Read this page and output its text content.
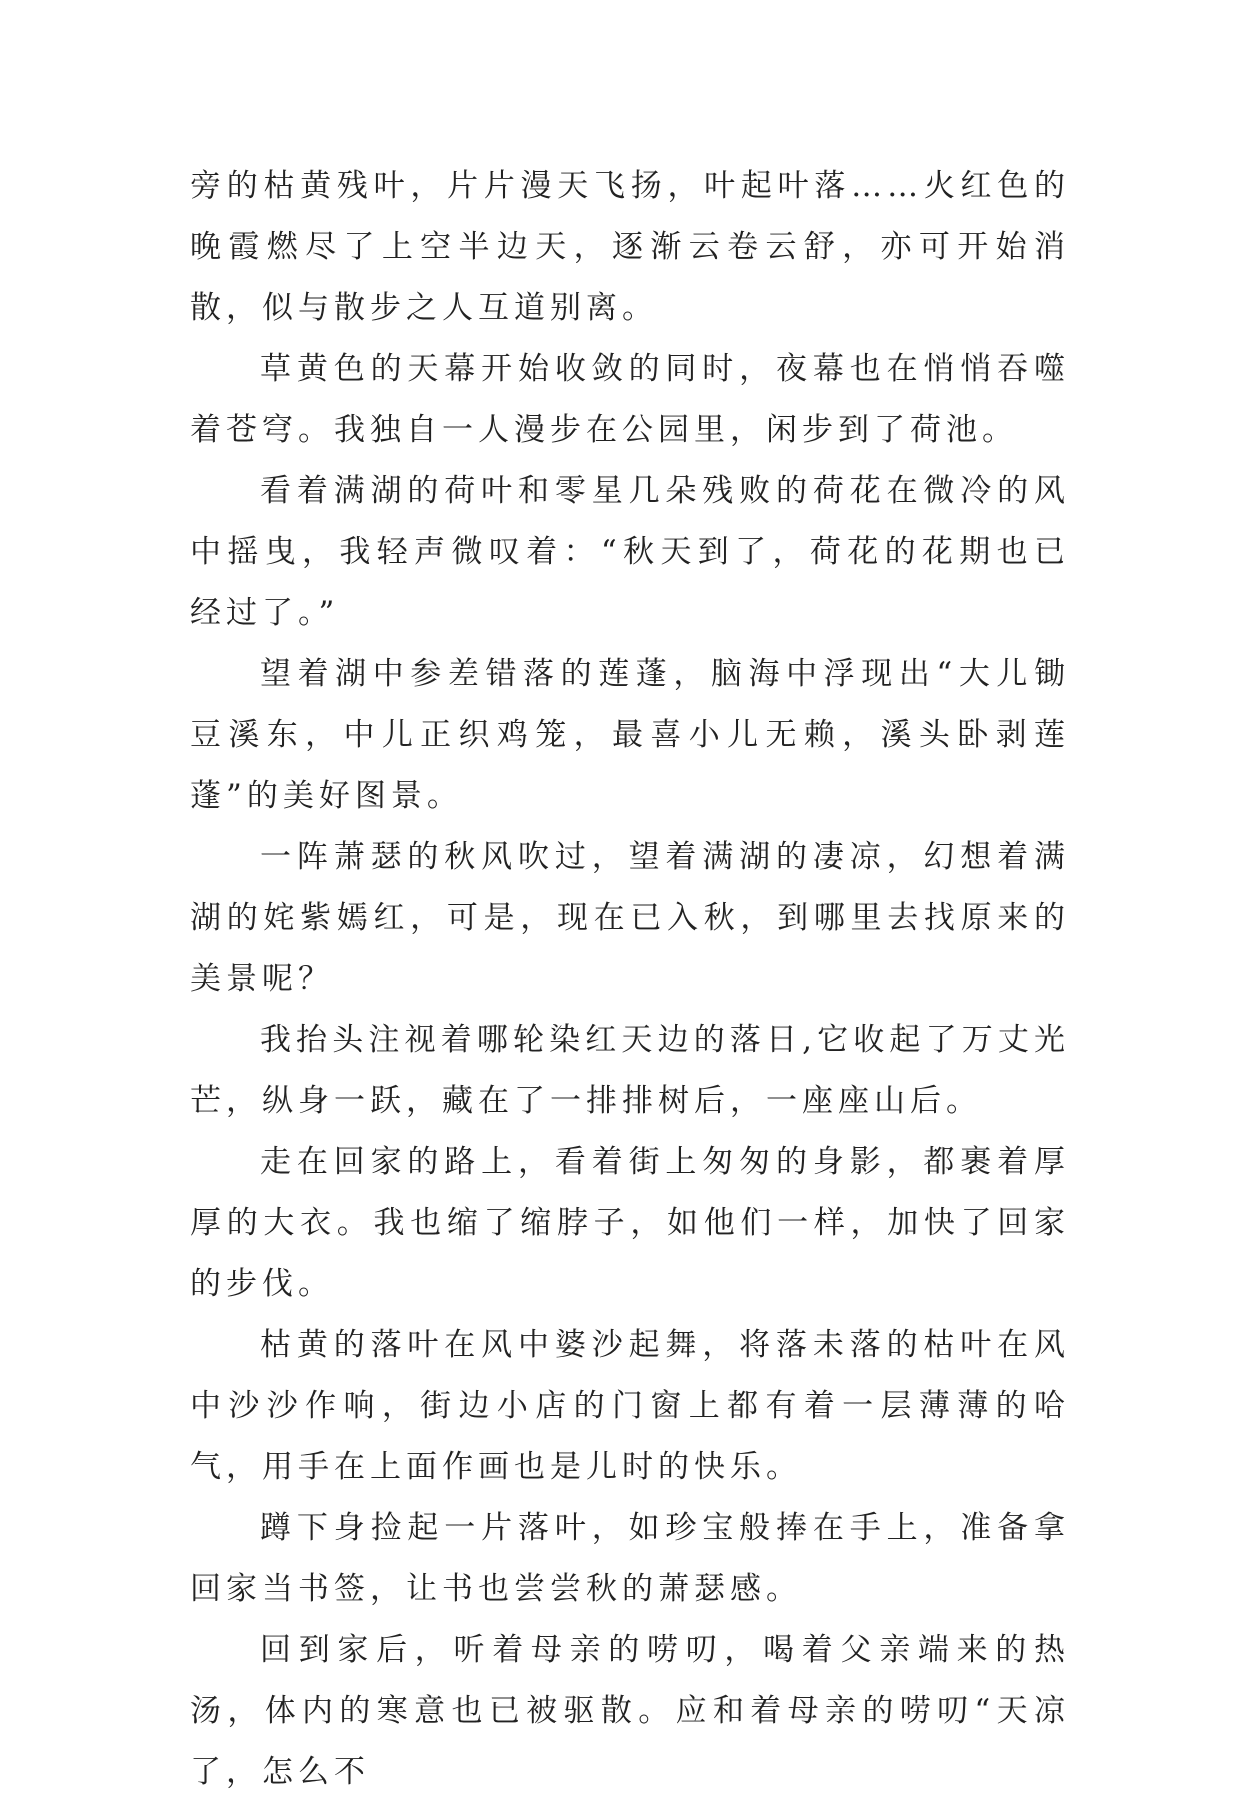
旁的枯黄残叶，片片漫天飞扬，叶起叶落……火红色的晚霞燃尽了上空半边天，逐渐云卷云舒，亦可开始消散，似与散步之人互道别离。

草黄色的天幕开始收敛的同时，夜幕也在悄悄吞噬着苍穹。我独自一人漫步在公园里，闲步到了荷池。

看着满湖的荷叶和零星几朵残败的荷花在微冷的风中摇曳，我轻声微叹着：“秋天到了，荷花的花期也已经过了。”

望着湖中参差错落的莲蓬，脑海中浮现出“大儿锄豆溪东，中儿正织鸡笼，最喜小儿无赖，溪头卧剥莲蓬”的美好图景。

一阵萧瑟的秋风吹过，望着满湖的凄凉，幻想着满湖的姹紫嫣红，可是，现在已入秋，到哪里去找原来的美景呢？

我抬头注视着哪轮染红天边的落日,它收起了万丈光芒，纵身一跃，藏在了一排排树后，一座座山后。

走在回家的路上，看着街上匆匆的身影，都裹着厚厚的大衣。我也缩了缩脖子，如他们一样，加快了回家的步伐。

枯黄的落叶在风中婆沙起舞，将落未落的枯叶在风中沙沙作响，街边小店的门窗上都有着一层薄薄的哈气，用手在上面作画也是儿时的快乐。

蹲下身捡起一片落叶，如珍宝般捧在手上，准备拿回家当书签，让书也尝尝秋的萧瑟感。

回到家后，听着母亲的唠叨，喝着父亲端来的热汤，体内的寒意也已被驱散。应和着母亲的唠叨“天凉了，怎么不
